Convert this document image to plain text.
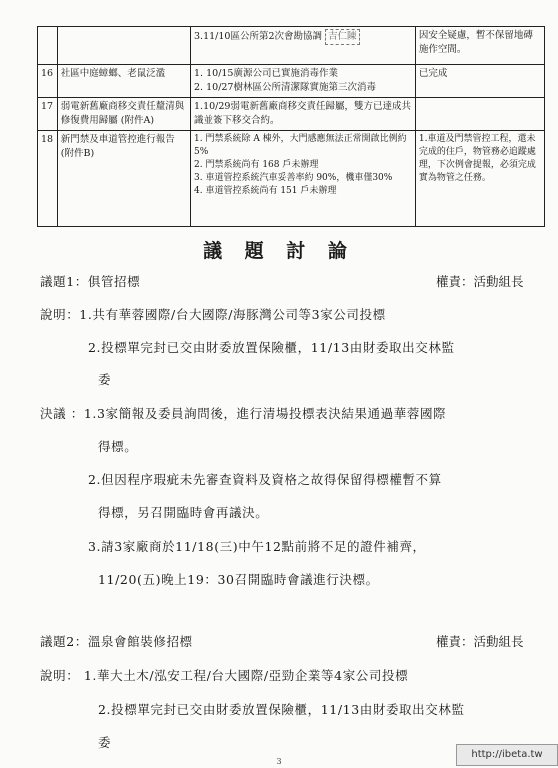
		3.11/10區公所第2次會勘協調 吉仁陳	因安全疑慮，暫不保留地磚施作空間。
16	社區中庭蟑螂、老鼠泛濫	1. 10/15廣源公司已實施消毒作業
2. 10/27樹林區公所清潔隊實施第三次消毒	已完成
17	弱電新舊廠商移交責任釐清與修復費用歸屬 (附件A)	1.10/29弱電新舊廠商移交責任歸屬，雙方已達成共識並簽下移交合約。	

18	新門禁及車道管控進行報告 (附件B)	1. 門禁系統除 A 棟外，大門感應無法正常開啟比例約 5%
2. 門禁系統尚有 168 戶未辦理
3. 車道管控系統汽車妥善率約 90%，機車僅30%
4. 車道管控系統尚有 151 戶未辦理	1.車道及門禁管控工程，還未完成的住戶，物管務必追蹤處理，下次例會提報，必須完成實為物管之任務。
議 題 討 論
議題1：俱管招標	權責：活動組長
說明：1.共有華蓉國際/台大國際/海豚灣公司等3家公司投標
2.投標單完封已交由財委放置保險櫃，11/13由財委取出交林監
委
決議 ：1.3家簡報及委員詢問後，進行清場投標表決結果通過華蓉國際
得標。
2.但因程序瑕疵未先審查資料及資格之故得保留得標權暫不算
得標，另召開臨時會再議決。
3.請3家廠商於11/18(三)中午12點前將不足的證件補齊，
11/20(五)晚上19：30召開臨時會議進行決標。
議題2：溫泉會館裝修招標	權責：活動組長
說明： 1.華大土木/泓安工程/台大國際/亞勁企業等4家公司投標
2.投標單完封已交由財委放置保險櫃，11/13由財委取出交林監
委
3
http://ibeta.tw
